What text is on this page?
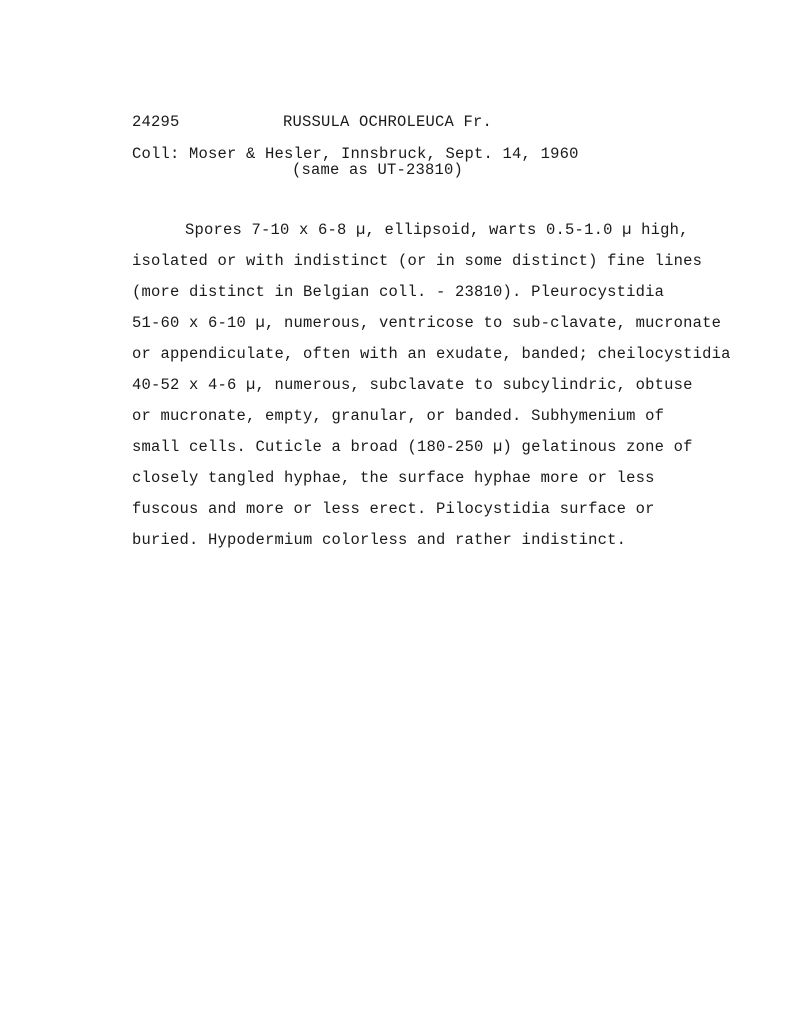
24295	RUSSULA OCHROLEUCA Fr.
Coll: Moser & Hesler, Innsbruck, Sept. 14, 1960
(same as UT-23810)
Spores 7-10 x 6-8 µ, ellipsoid, warts 0.5-1.0 µ high,
isolated or with indistinct (or in some distinct) fine lines
(more distinct in Belgian coll. - 23810). Pleurocystidia
51-60 x 6-10 µ, numerous, ventricose to sub-clavate, mucronate
or appendiculate, often with an exudate, banded; cheilocystidia
40-52 x 4-6 µ, numerous, subclavate to subcylindric, obtuse
or mucronate, empty, granular, or banded. Subhymenium of
small cells. Cuticle a broad (180-250 µ) gelatinous zone of
closely tangled hyphae, the surface hyphae more or less
fuscous and more or less erect. Pilocystidia surface or
buried. Hypodermium colorless and rather indistinct.
